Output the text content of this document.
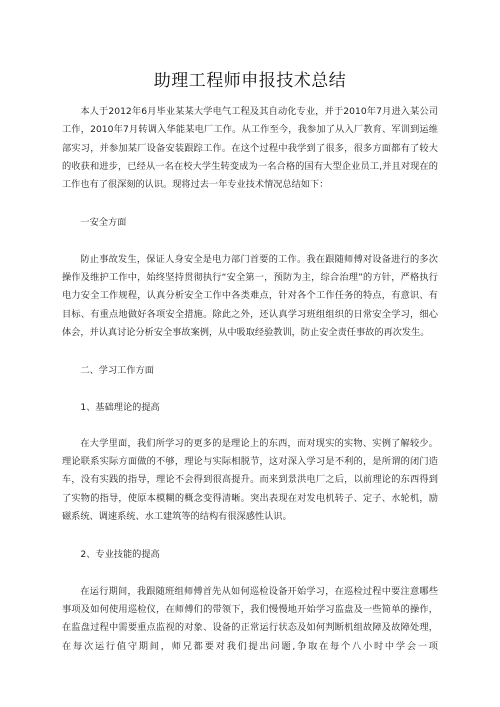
助理工程师申报技术总结

本人于2012年6月毕业某某大学电气工程及其自动化专业，并于2010年7月进入某公司工作，2010年7月转调入华能某电厂工作。从工作至今，我参加了从入厂教育、军训到运维部实习，并参加某厂设备安装跟踪工作。在这个过程中我学到了很多，很多方面都有了较大的收获和进步，已经从一名在校大学生转变成为一名合格的国有大型企业员工,并且对现在的工作也有了很深刻的认识。现将过去一年专业技术情况总结如下：

一安全方面

防止事故发生，保证人身安全是电力部门首要的工作。我在跟随师傅对设备进行的多次操作及维护工作中，始终坚持贯彻执行“安全第一，预防为主，综合治理”的方针，严格执行电力安全工作规程，认真分析安全工作中各类难点，针对各个工作任务的特点，有意识、有目标、有重点地做好各项安全措施。除此之外，还认真学习班组组织的日常安全学习，细心体会，并认真讨论分析安全事故案例，从中吸取经验教训，防止安全责任事故的再次发生。

二、学习工作方面

1、基础理论的提高

在大学里面，我们所学习的更多的是理论上的东西，而对现实的实物、实例了解较少。理论联系实际方面做的不够，理论与实际相脱节，这对深入学习是不利的，是所谓的闭门造车，没有实践的指导，理论不会得到很高提升。而来到景洪电厂之后，以前理论的东西得到了实物的指导，使原本模糊的概念变得清晰。突出表现在对发电机转子、定子、水轮机，励磁系统、调速系统、水工建筑等的结构有很深感性认识。

2、专业技能的提高

在运行期间，我跟随班组师傅首先从如何巡检设备开始学习，在巡检过程中要注意哪些事项及如何使用巡检仪，在师傅们的带领下，我们慢慢地开始学习监盘及一些简单的操作，在监盘过程中需要重点监视的对象、设备的正常运行状态及如何判断机组故障及故障处理，在每次运行值守期间，师兄都要对我们提出问题,争取在每个八小时中学会一项
